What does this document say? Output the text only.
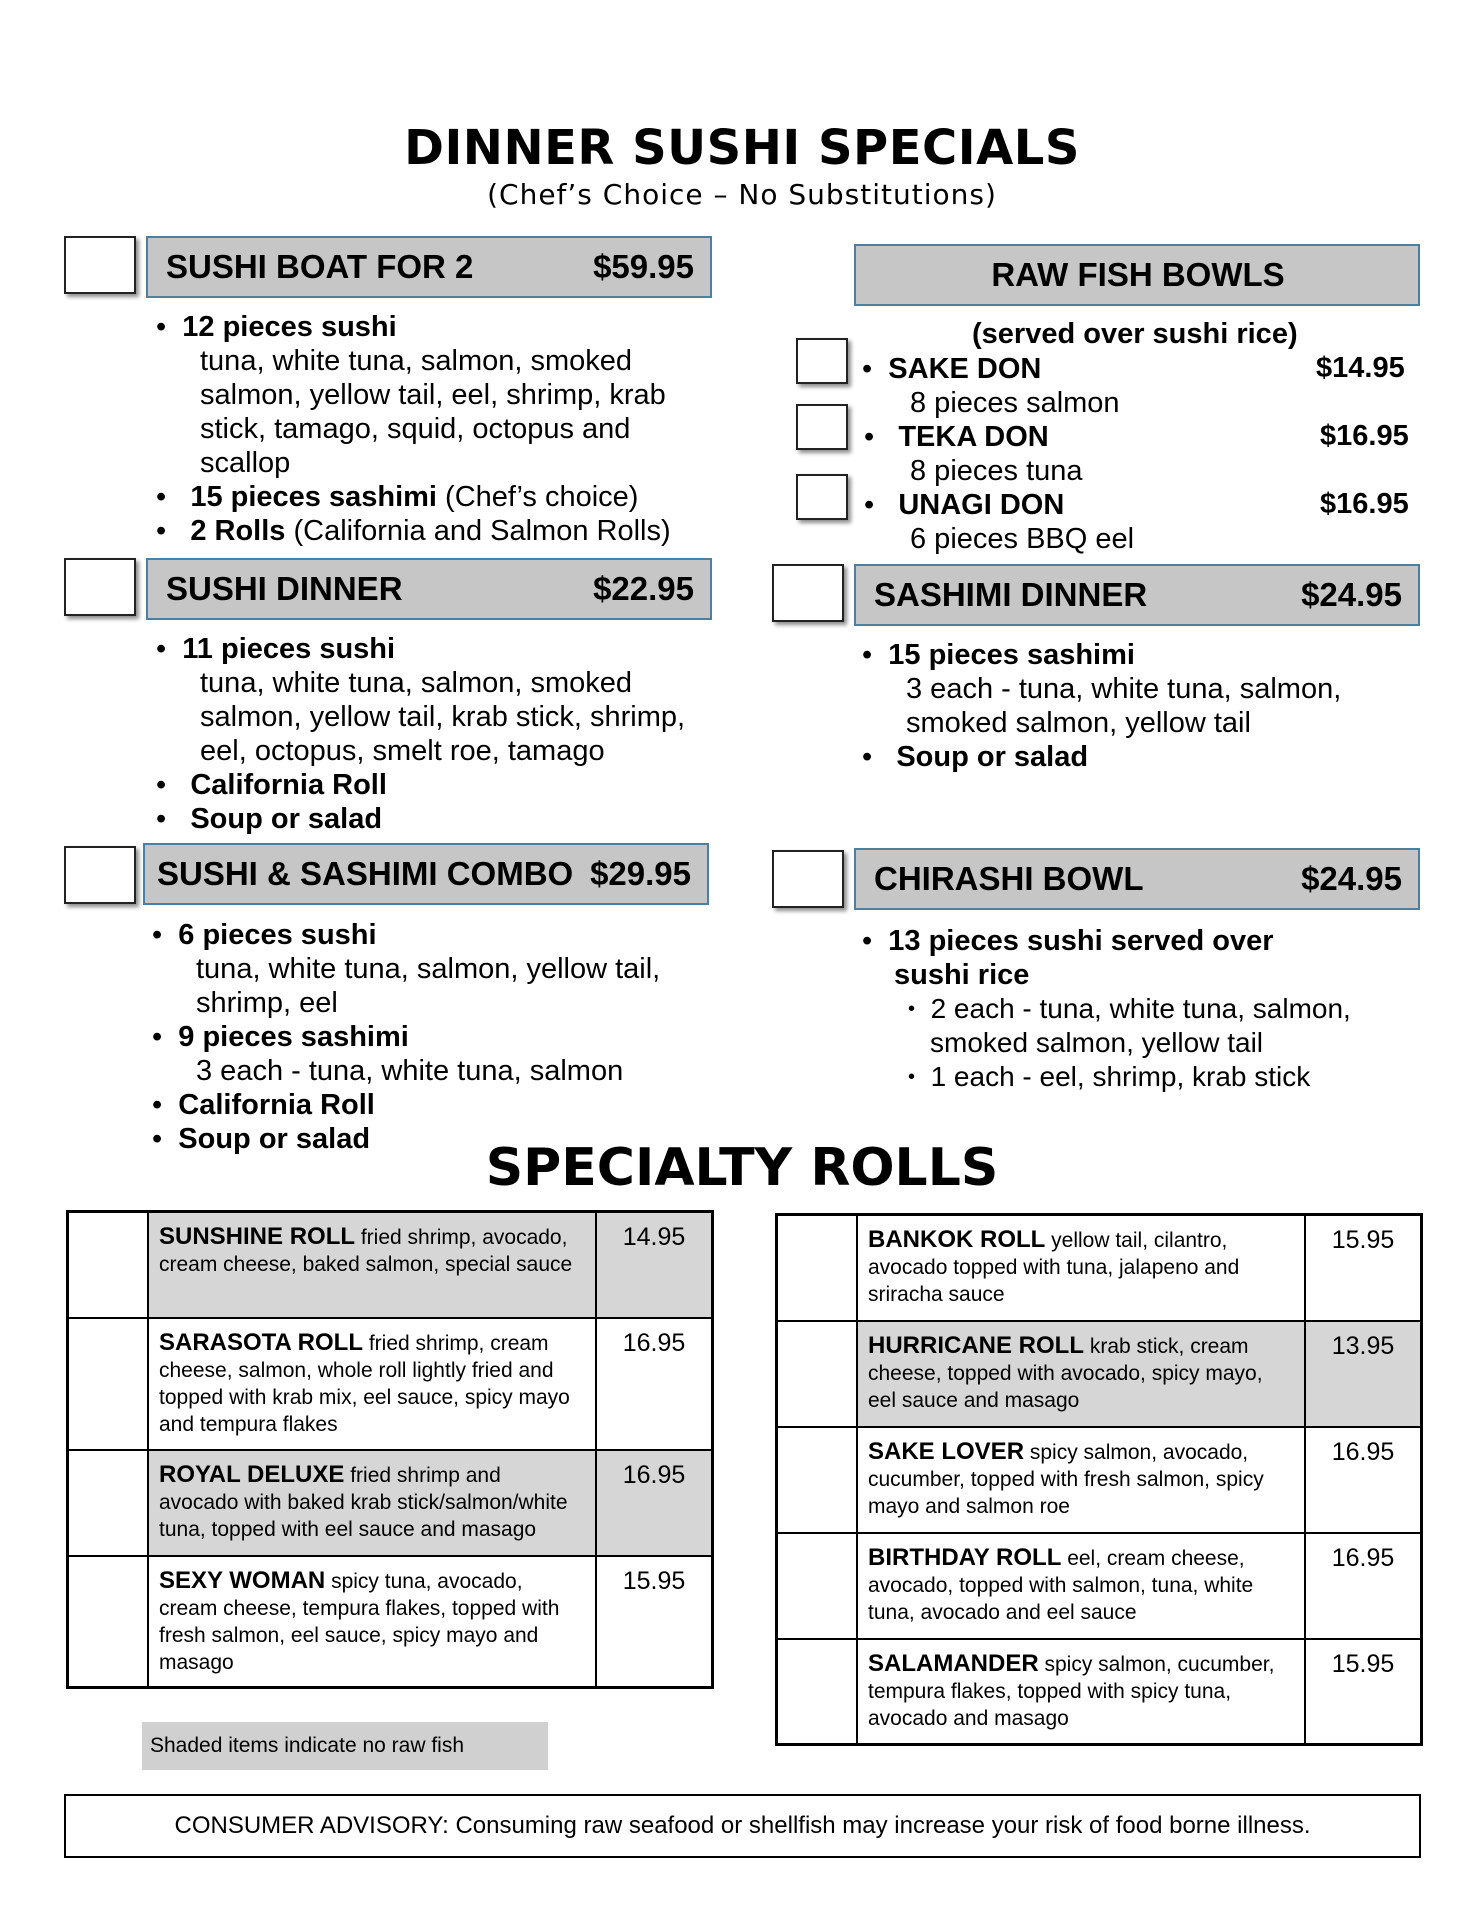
DINNER SUSHI SPECIALS
(Chef’s Choice – No Substitutions)
SUSHI BOAT FOR 2	$59.95
•  12 pieces sushi
tuna, white tuna, salmon, smoked
salmon, yellow tail, eel, shrimp, krab
stick, tamago, squid, octopus and
scallop
•   15 pieces sashimi (Chef’s choice)
•   2 Rolls (California and Salmon Rolls)
SUSHI DINNER	$22.95
•  11 pieces sushi
tuna, white tuna, salmon, smoked
salmon, yellow tail, krab stick, shrimp,
eel, octopus, smelt roe, tamago
•   California Roll
•   Soup or salad
SUSHI & SASHIMI COMBO $29.95
•  6 pieces sushi
tuna, white tuna, salmon, yellow tail,
shrimp, eel
•  9 pieces sashimi
3 each - tuna, white tuna, salmon
•  California Roll
•  Soup or salad
RAW FISH BOWLS
(served over sushi rice)
•  SAKE DON	$14.95
8 pieces salmon
•   TEKA DON	$16.95
8 pieces tuna
•   UNAGI DON	$16.95
6 pieces BBQ eel
SASHIMI DINNER	$24.95
•  15 pieces sashimi
3 each - tuna, white tuna, salmon,
smoked salmon, yellow tail
•   Soup or salad
CHIRASHI BOWL	$24.95
•  13 pieces sushi served over
sushi rice
• 2 each - tuna, white tuna, salmon,
smoked salmon, yellow tail
• 1 each - eel, shrimp, krab stick
SPECIALTY ROLLS
	SUNSHINE ROLL fried shrimp, avocado, cream cheese, baked salmon, special sauce	14.95
	SARASOTA ROLL fried shrimp, cream cheese, salmon, whole roll lightly fried and topped with krab mix, eel sauce, spicy mayo and tempura flakes	16.95
	ROYAL DELUXE fried shrimp and avocado with baked krab stick/salmon/white tuna, topped with eel sauce and masago	16.95
	SEXY WOMAN spicy tuna, avocado, cream cheese, tempura flakes, topped with fresh salmon, eel sauce, spicy mayo and masago	15.95
	BANKOK ROLL yellow tail, cilantro, avocado topped with tuna, jalapeno and sriracha sauce	15.95
	HURRICANE ROLL krab stick, cream cheese, topped with avocado, spicy mayo, eel sauce and masago	13.95
	SAKE LOVER spicy salmon, avocado, cucumber, topped with fresh salmon, spicy mayo and salmon roe	16.95
	BIRTHDAY ROLL eel, cream cheese, avocado, topped with salmon, tuna, white tuna, avocado and eel sauce	16.95
	SALAMANDER spicy salmon, cucumber, tempura flakes, topped with spicy tuna, avocado and masago	15.95
Shaded items indicate no raw fish
CONSUMER ADVISORY: Consuming raw seafood or shellfish may increase your risk of food borne illness.
